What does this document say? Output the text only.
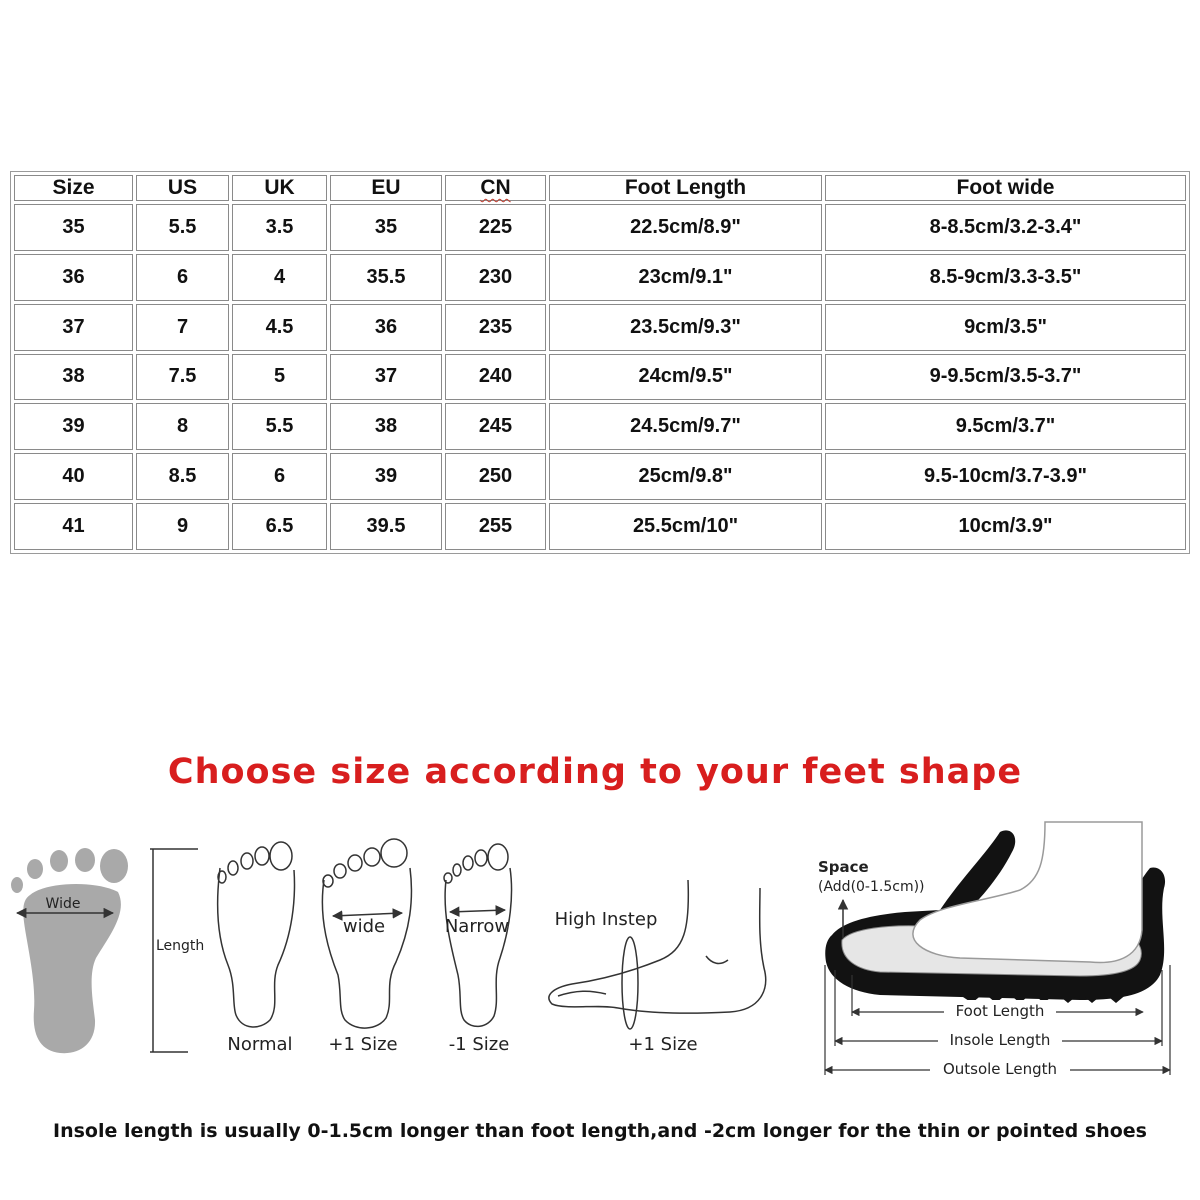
Size	US	UK	EU	CN	Foot Length	Foot wide
35	5.5	3.5	35	225	22.5cm/8.9"	8-8.5cm/3.2-3.4"
36	6	4	35.5	230	23cm/9.1"	8.5-9cm/3.3-3.5"
37	7	4.5	36	235	23.5cm/9.3"	9cm/3.5"
38	7.5	5	37	240	24cm/9.5"	9-9.5cm/3.5-3.7"
39	8	5.5	38	245	24.5cm/9.7"	9.5cm/3.7"
40	8.5	6	39	250	25cm/9.8"	9.5-10cm/3.7-3.9"
41	9	6.5	39.5	255	25.5cm/10"	10cm/3.9"
Choose size according to your feet shape
Wide
Length
Normal
wide
+1 Size
Narrow
-1 Size
High Instep
+1 Size
Space
(Add(0-1.5cm))
Foot Length
Insole Length
Outsole Length

Insole length is usually 0-1.5cm longer than foot length,and -2cm longer for the thin or pointed shoes
